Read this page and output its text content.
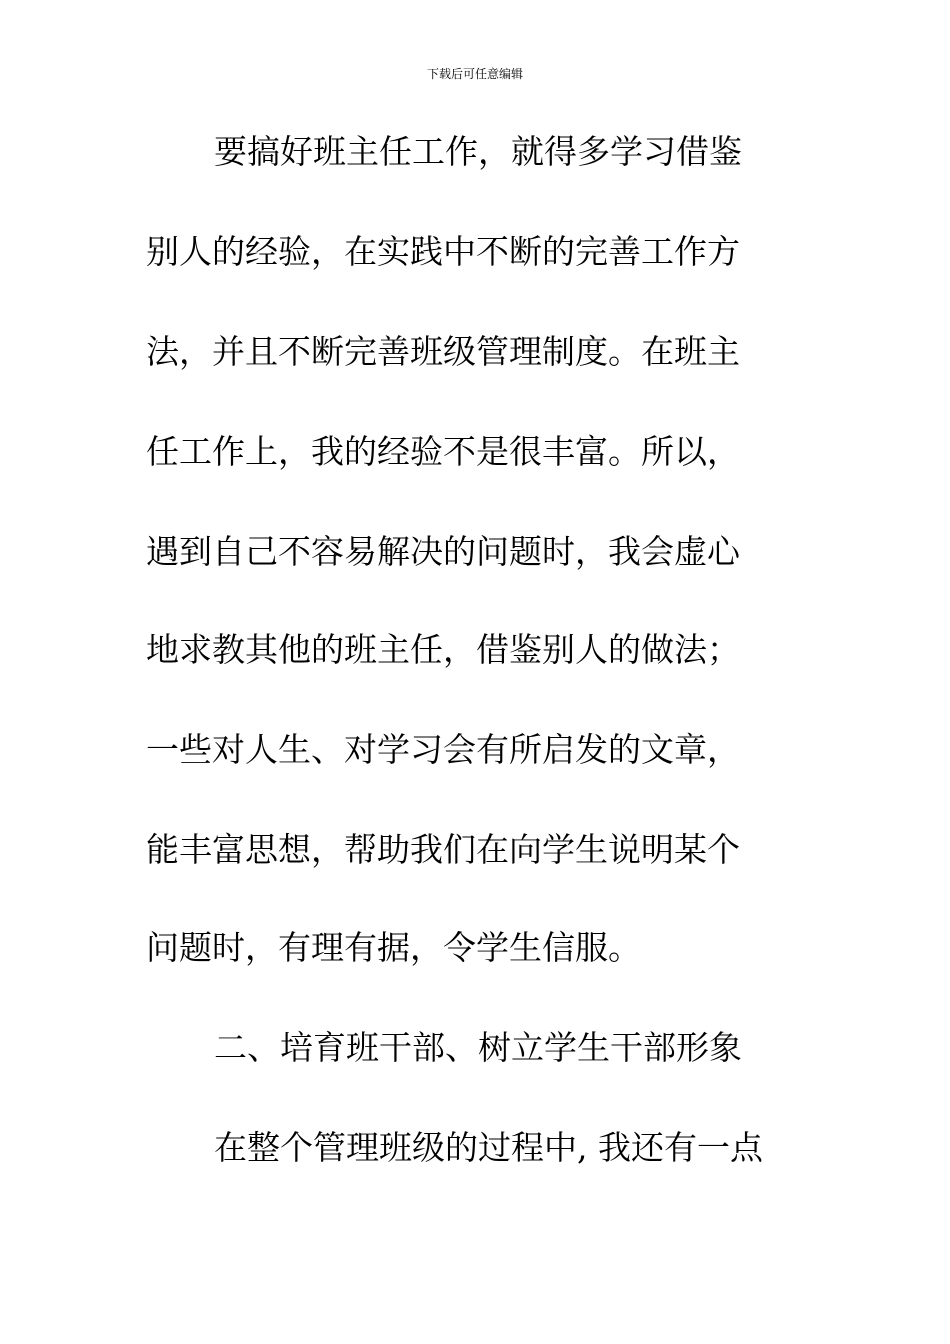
下载后可任意编辑
要搞好班主任工作，就得多学习借鉴
别人的经验，在实践中不断的完善工作方
法，并且不断完善班级管理制度。在班主
任工作上，我的经验不是很丰富。所以，
遇到自己不容易解决的问题时，我会虚心
地求教其他的班主任，借鉴别人的做法；
一些对人生、对学习会有所启发的文章，
能丰富思想，帮助我们在向学生说明某个
问题时，有理有据，令学生信服。
二、培育班干部、树立学生干部形象
在整个管理班级的过程中, 我还有一点
